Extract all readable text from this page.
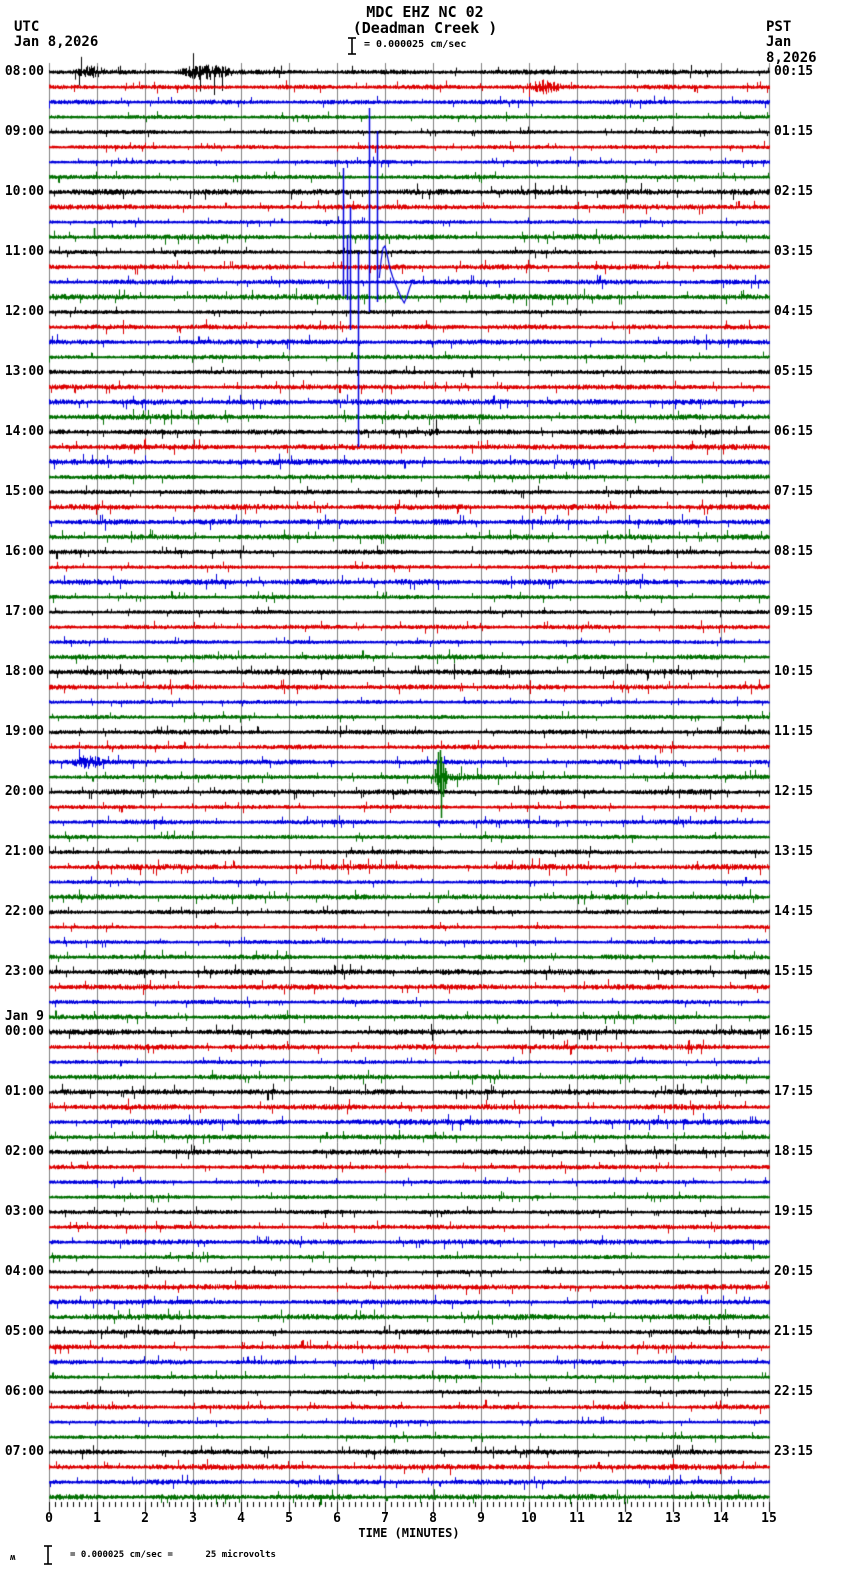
08:00
09:00
10:00
11:00
12:00
13:00
14:00
15:00
16:00
17:00
18:00
19:00
20:00
21:00
22:00
23:00
Jan 9
00:00
01:00
02:00
03:00
04:00
05:00
06:00
07:00
00:15
01:15
02:15
03:15
04:15
05:15
06:15
07:15
08:15
09:15
10:15
11:15
12:15
13:15
14:15
15:15
16:15
17:15
18:15
19:15
20:15
21:15
22:15
23:15
0	1	2	3	4	5	6	7	8	9	10	11	12	13	14	15
TIME (MINUTES)
ʍ	= 0.000025 cm/sec =      25 microvolts
